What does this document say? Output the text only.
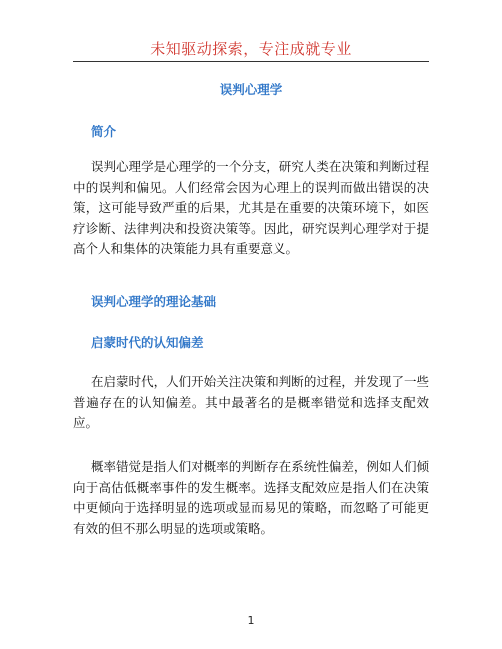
未知驱动探索，专注成就专业
误判心理学
简介

误判心理学是心理学的一个分支，研究人类在决策和判断过程中的误判和偏见。人们经常会因为心理上的误判而做出错误的决策，这可能导致严重的后果，尤其是在重要的决策环境下，如医疗诊断、法律判决和投资决策等。因此，研究误判心理学对于提高个人和集体的决策能力具有重要意义。

误判心理学的理论基础
启蒙时代的认知偏差

在启蒙时代，人们开始关注决策和判断的过程，并发现了一些普遍存在的认知偏差。其中最著名的是概率错觉和选择支配效应。

概率错觉是指人们对概率的判断存在系统性偏差，例如人们倾向于高估低概率事件的发生概率。选择支配效应是指人们在决策中更倾向于选择明显的选项或显而易见的策略，而忽略了可能更有效的但不那么明显的选项或策略。

1
